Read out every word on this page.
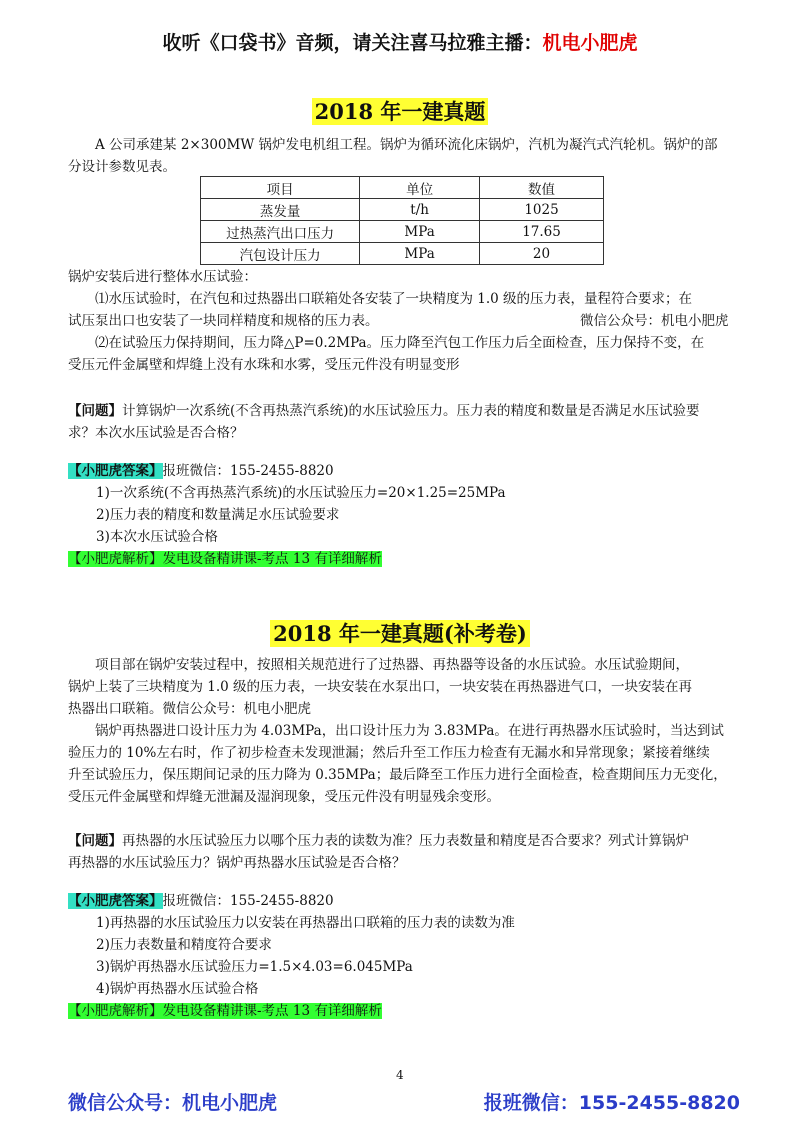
收听《口袋书》音频，请关注喜马拉雅主播：机电小肥虎
2018 年一建真题
A 公司承建某 2×300MW 锅炉发电机组工程。锅炉为循环流化床锅炉，汽机为凝汽式汽轮机。锅炉的部
分设计参数见表。
项目	单位	数值
蒸发量	t/h	1025
过热蒸汽出口压力	MPa	17.65
汽包设计压力	MPa	20
锅炉安装后进行整体水压试验：
⑴水压试验时，在汽包和过热器出口联箱处各安装了一块精度为 1.0 级的压力表，量程符合要求；在
试压泵出口也安装了一块同样精度和规格的压力表。	微信公众号：机电小肥虎
⑵在试验压力保持期间，压力降△P=0.2MPa。压力降至汽包工作压力后全面检查，压力保持不变，在
受压元件金属壁和焊缝上没有水珠和水雾，受压元件没有明显变形
【问题】计算锅炉一次系统(不含再热蒸汽系统)的水压试验压力。压力表的精度和数量是否满足水压试验要
求？本次水压试验是否合格？
【小肥虎答案】报班微信：155-2455-8820
1)一次系统(不含再热蒸汽系统)的水压试验压力=20×1.25=25MPa
2)压力表的精度和数量满足水压试验要求
3)本次水压试验合格
【小肥虎解析】发电设备精讲课-考点 13 有详细解析
2018 年一建真题(补考卷)
项目部在锅炉安装过程中，按照相关规范进行了过热器、再热器等设备的水压试验。水压试验期间，
锅炉上装了三块精度为 1.0 级的压力表，一块安装在水泵出口，一块安装在再热器进气口，一块安装在再
热器出口联箱。微信公众号：机电小肥虎
锅炉再热器进口设计压力为 4.03MPa，出口设计压力为 3.83MPa。在进行再热器水压试验时，当达到试
验压力的 10%左右时，作了初步检查未发现泄漏；然后升至工作压力检查有无漏水和异常现象；紧接着继续
升至试验压力，保压期间记录的压力降为 0.35MPa；最后降至工作压力进行全面检查，检查期间压力无变化，
受压元件金属壁和焊缝无泄漏及湿润现象，受压元件没有明显残余变形。
【问题】再热器的水压试验压力以哪个压力表的读数为准？压力表数量和精度是否合要求？列式计算锅炉
再热器的水压试验压力？锅炉再热器水压试验是否合格？
【小肥虎答案】报班微信：155-2455-8820
1)再热器的水压试验压力以安装在再热器出口联箱的压力表的读数为准
2)压力表数量和精度符合要求
3)锅炉再热器水压试验压力=1.5×4.03=6.045MPa
4)锅炉再热器水压试验合格
【小肥虎解析】发电设备精讲课-考点 13 有详细解析
4
微信公众号：机电小肥虎	报班微信：155-2455-8820
